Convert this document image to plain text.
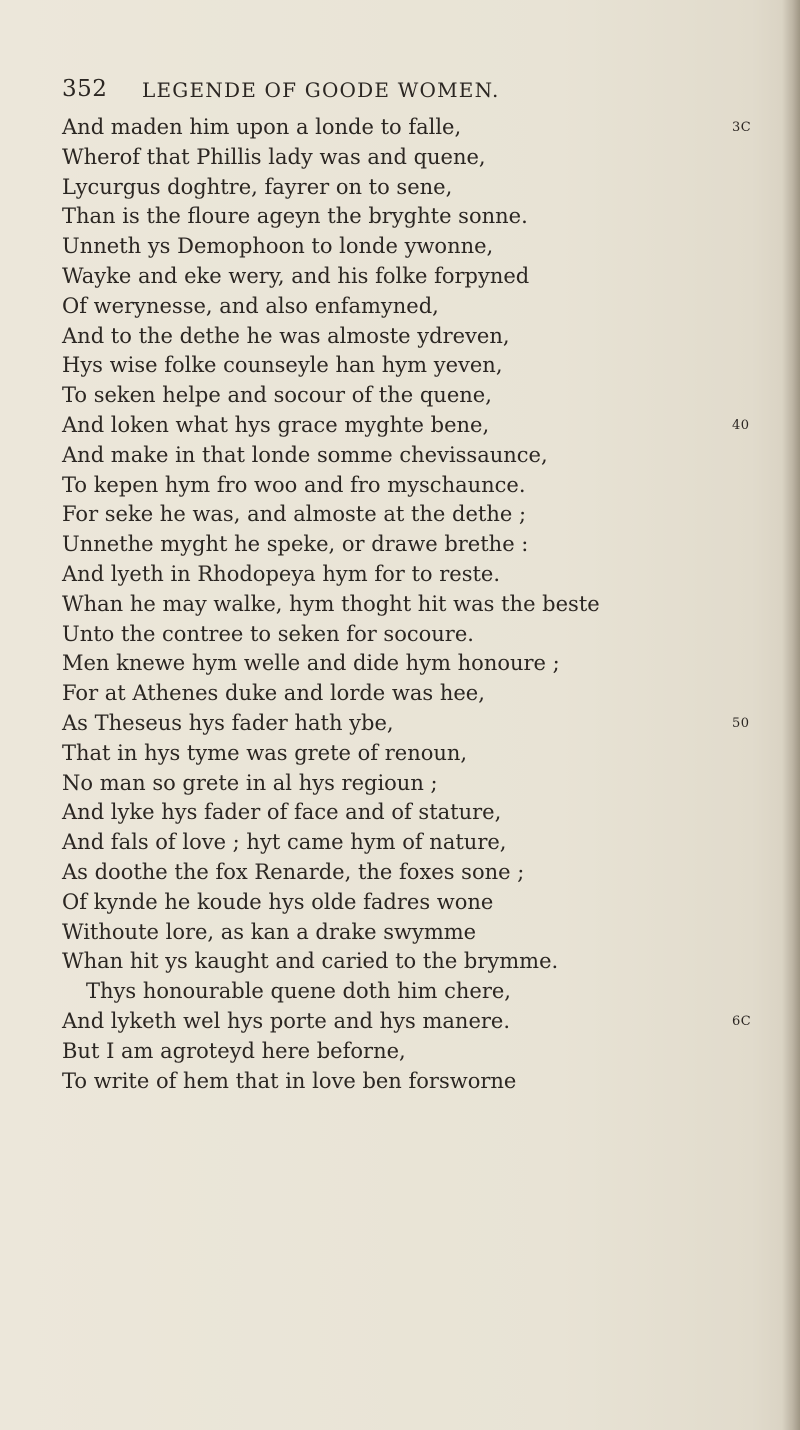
352 LEGENDE OF GOODE WOMEN.
And maden him upon a londe to falle,	3C
Wherof that Phillis lady was and quene,
Lycurgus doghtre, fayrer on to sene,
Than is the floure ageyn the bryghte sonne.
Unneth ys Demophoon to londe ywonne,
Wayke and eke wery, and his folke forpyned
Of werynesse, and also enfamyned,
And to the dethe he was almoste ydreven,
Hys wise folke counseyle han hym yeven,
To seken helpe and socour of the quene,
And loken what hys grace myghte bene,	40
And make in that londe somme chevissaunce,
To kepen hym fro woo and fro myschaunce.
For seke he was, and almoste at the dethe ;
Unnethe myght he speke, or drawe brethe :
And lyeth in Rhodopeya hym for to reste.
Whan he may walke, hym thoght hit was the beste
Unto the contree to seken for socoure.
Men knewe hym welle and dide hym honoure ;
For at Athenes duke and lorde was hee,
As Theseus hys fader hath ybe,	50
That in hys tyme was grete of renoun,
No man so grete in al hys regioun ;
And lyke hys fader of face and of stature,
And fals of love ; hyt came hym of nature,
As doothe the fox Renarde, the foxes sone ;
Of kynde he koude hys olde fadres wone
Withoute lore, as kan a drake swymme
Whan hit ys kaught and caried to the brymme.
Thys honourable quene doth him chere,
And lyketh wel hys porte and hys manere.	6C
But I am agroteyd here beforne,
To write of hem that in love ben forsworne
